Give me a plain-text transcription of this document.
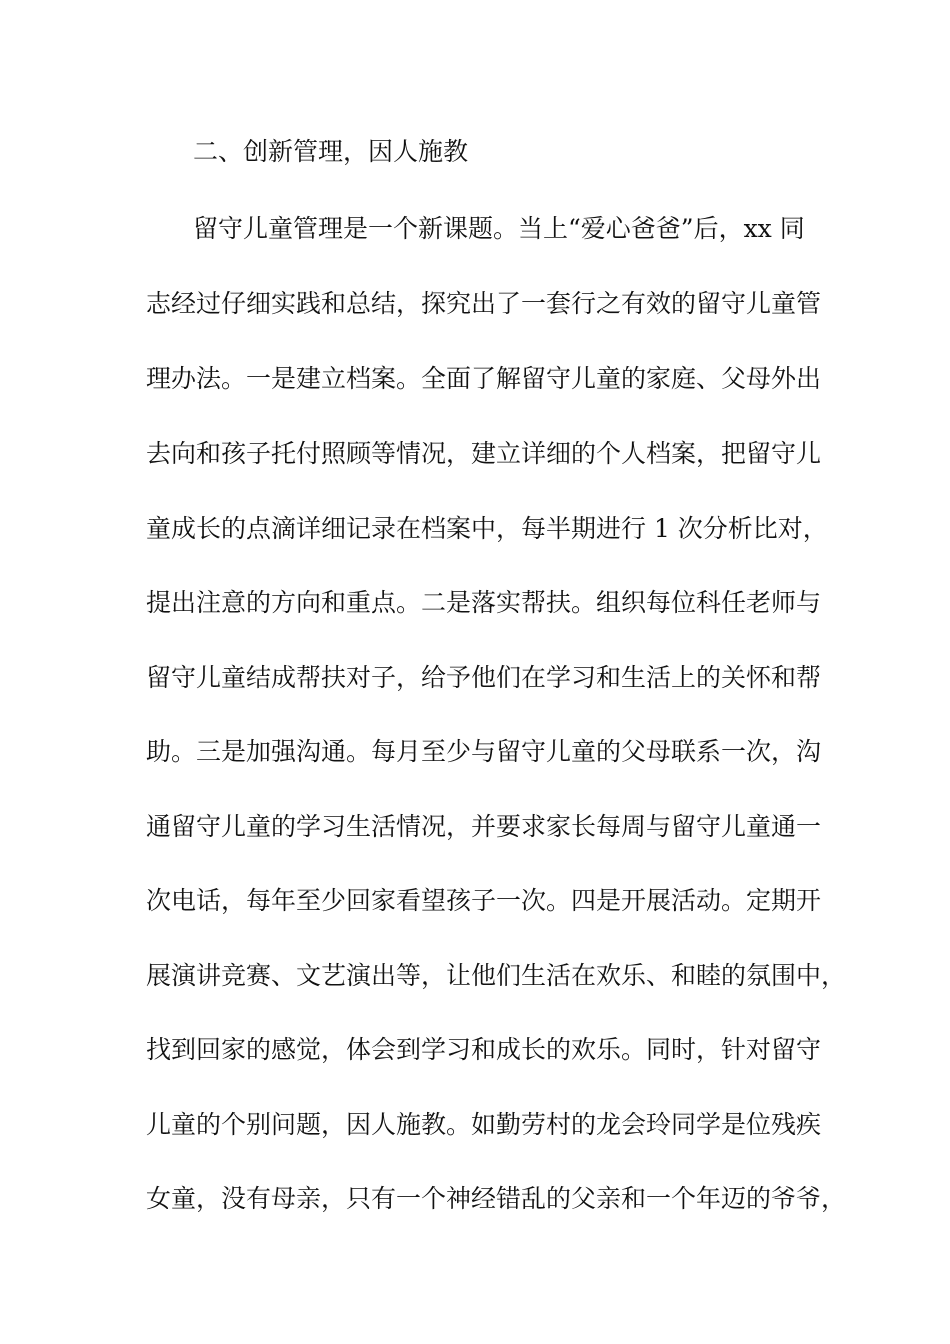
二、创新管理，因人施教
留守儿童管理是一个新课题。当上“爱心爸爸”后，xx 同
志经过仔细实践和总结，探究出了一套行之有效的留守儿童管
理办法。一是建立档案。全面了解留守儿童的家庭、父母外出
去向和孩子托付照顾等情况，建立详细的个人档案，把留守儿
童成长的点滴详细记录在档案中，每半期进行 1 次分析比对，
提出注意的方向和重点。二是落实帮扶。组织每位科任老师与
留守儿童结成帮扶对子，给予他们在学习和生活上的关怀和帮
助。三是加强沟通。每月至少与留守儿童的父母联系一次，沟
通留守儿童的学习生活情况，并要求家长每周与留守儿童通一
次电话，每年至少回家看望孩子一次。四是开展活动。定期开
展演讲竞赛、文艺演出等，让他们生活在欢乐、和睦的氛围中，
找到回家的感觉，体会到学习和成长的欢乐。同时，针对留守
儿童的个别问题，因人施教。如勤劳村的龙会玲同学是位残疾
女童，没有母亲，只有一个神经错乱的父亲和一个年迈的爷爷，
